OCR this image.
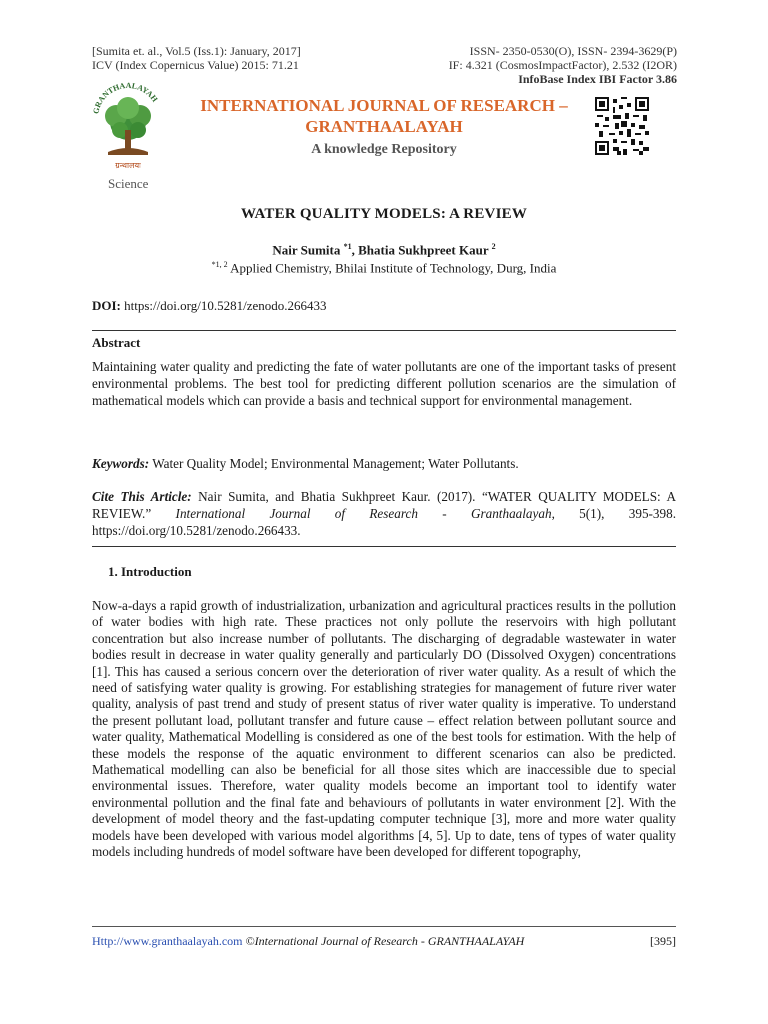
[Sumita et. al., Vol.5 (Iss.1): January, 2017]
ICV (Index Copernicus Value) 2015: 71.21
ISSN- 2350-0530(O), ISSN- 2394-3629(P)
IF: 4.321 (CosmosImpactFactor), 2.532 (I2OR)
InfoBase Index IBI Factor 3.86
GRANTHAALAYAH
ग्रन्थालयः
Science
INTERNATIONAL JOURNAL OF RESEARCH – GRANTHAALAYAH
A knowledge Repository
WATER QUALITY MODELS: A REVIEW
Nair Sumita $^{*1}$, Bhatia Sukhpreet Kaur $^2$
$^{*1, 2}$ Applied Chemistry, Bhilai Institute of Technology, Durg, India
DOI: https://doi.org/10.5281/zenodo.266433
Abstract
Maintaining water quality and predicting the fate of water pollutants are one of the important tasks of present environmental problems. The best tool for predicting different pollution scenarios are the simulation of mathematical models which can provide a basis and technical support for environmental management.
Keywords: Water Quality Model; Environmental Management; Water Pollutants.
Cite This Article: Nair Sumita, and Bhatia Sukhpreet Kaur. (2017). “WATER QUALITY MODELS: A REVIEW.” International Journal of Research - Granthaalayah, 5(1), 395-398. https://doi.org/10.5281/zenodo.266433.
1. Introduction
Now-a-days a rapid growth of industrialization, urbanization and agricultural practices results in the pollution of water bodies with high rate. These practices not only pollute the reservoirs with high pollutant concentration but also increase number of pollutants. The discharging of degradable wastewater in water bodies result in decrease in water quality generally and particularly DO (Dissolved Oxygen) concentrations [1]. This has caused a serious concern over the deterioration of river water quality. As a result of which the need of satisfying water quality is growing. For establishing strategies for management of future river water quality, analysis of past trend and study of present status of river water quality is imperative. To understand the present pollutant load, pollutant transfer and future cause – effect relation between pollutant source and water quality, Mathematical Modelling is considered as one of the best tools for estimation. With the help of these models the response of the aquatic environment to different scenarios can also be predicted. Mathematical modelling can also be beneficial for all those sites which are inaccessible due to special environmental issues. Therefore, water quality models become an important tool to identify water environmental pollution and the final fate and behaviours of pollutants in water environment [2]. With the development of model theory and the fast-updating computer technique [3], more and more water quality models have been developed with various model algorithms [4, 5]. Up to date, tens of types of water quality models including hundreds of model software have been developed for different topography,
Http://www.granthaalayah.com ©International Journal of Research - GRANTHAALAYAH	[395]
